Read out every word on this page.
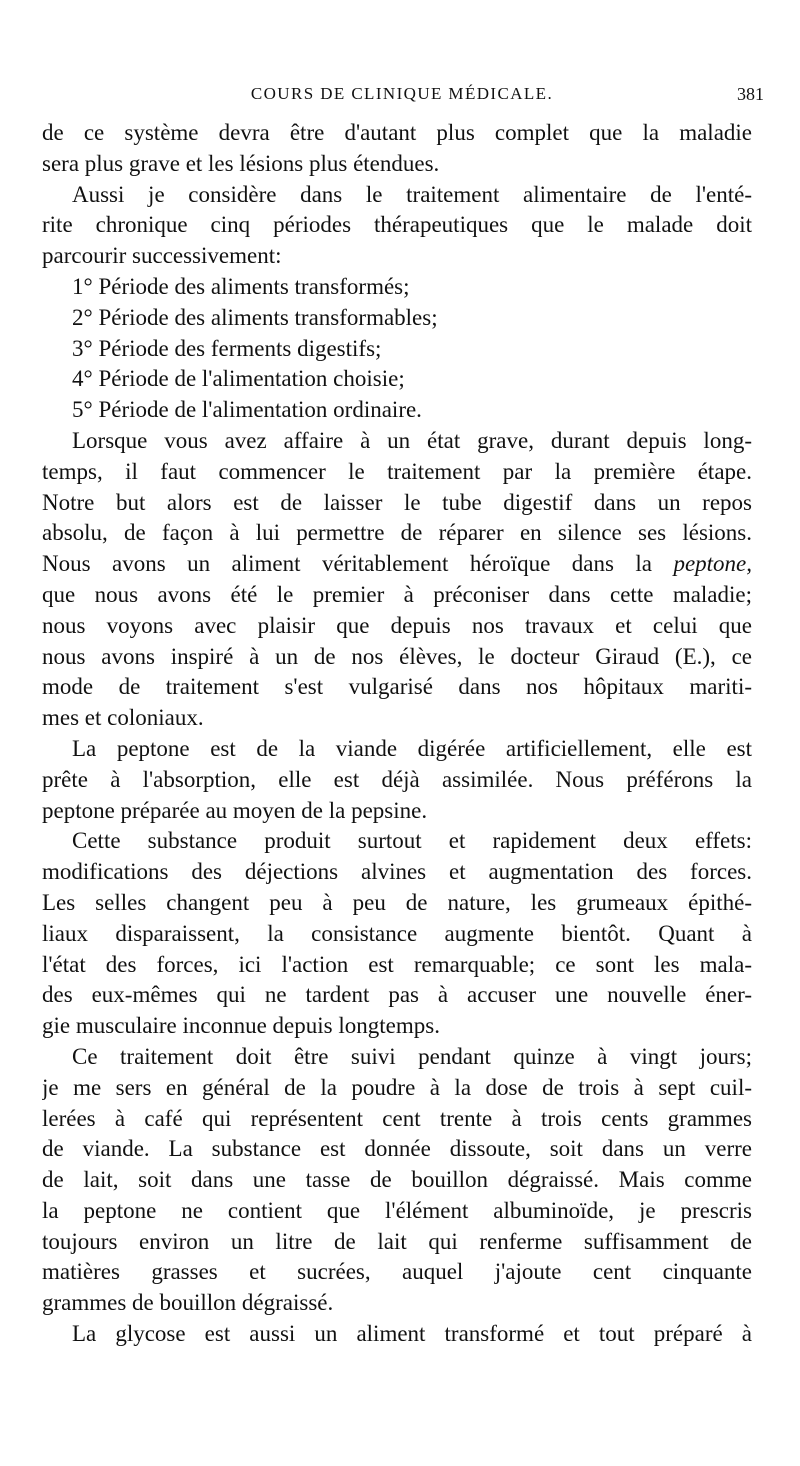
COURS DE CLINIQUE MÉDICALE.	381
de ce système devra être d'autant plus complet que la maladie
sera plus grave et les lésions plus étendues.
Aussi je considère dans le traitement alimentaire de l'enté-
rite chronique cinq périodes thérapeutiques que le malade doit
parcourir successivement:
1° Période des aliments transformés;
2° Période des aliments transformables;
3° Période des ferments digestifs;
4° Période de l'alimentation choisie;
5° Période de l'alimentation ordinaire.
Lorsque vous avez affaire à un état grave, durant depuis long-
temps, il faut commencer le traitement par la première étape.
Notre but alors est de laisser le tube digestif dans un repos
absolu, de façon à lui permettre de réparer en silence ses lésions.
Nous avons un aliment véritablement héroïque dans la peptone,
que nous avons été le premier à préconiser dans cette maladie;
nous voyons avec plaisir que depuis nos travaux et celui que
nous avons inspiré à un de nos élèves, le docteur Giraud (E.), ce
mode de traitement s'est vulgarisé dans nos hôpitaux mariti-
mes et coloniaux.
La peptone est de la viande digérée artificiellement, elle est
prête à l'absorption, elle est déjà assimilée. Nous préférons la
peptone préparée au moyen de la pepsine.
Cette substance produit surtout et rapidement deux effets:
modifications des déjections alvines et augmentation des forces.
Les selles changent peu à peu de nature, les grumeaux épithé-
liaux disparaissent, la consistance augmente bientôt. Quant à
l'état des forces, ici l'action est remarquable; ce sont les mala-
des eux-mêmes qui ne tardent pas à accuser une nouvelle éner-
gie musculaire inconnue depuis longtemps.
Ce traitement doit être suivi pendant quinze à vingt jours;
je me sers en général de la poudre à la dose de trois à sept cuil-
lerées à café qui représentent cent trente à trois cents grammes
de viande. La substance est donnée dissoute, soit dans un verre
de lait, soit dans une tasse de bouillon dégraissé. Mais comme
la peptone ne contient que l'élément albuminoïde, je prescris
toujours environ un litre de lait qui renferme suffisamment de
matières grasses et sucrées, auquel j'ajoute cent cinquante
grammes de bouillon dégraissé.
La glycose est aussi un aliment transformé et tout préparé à
